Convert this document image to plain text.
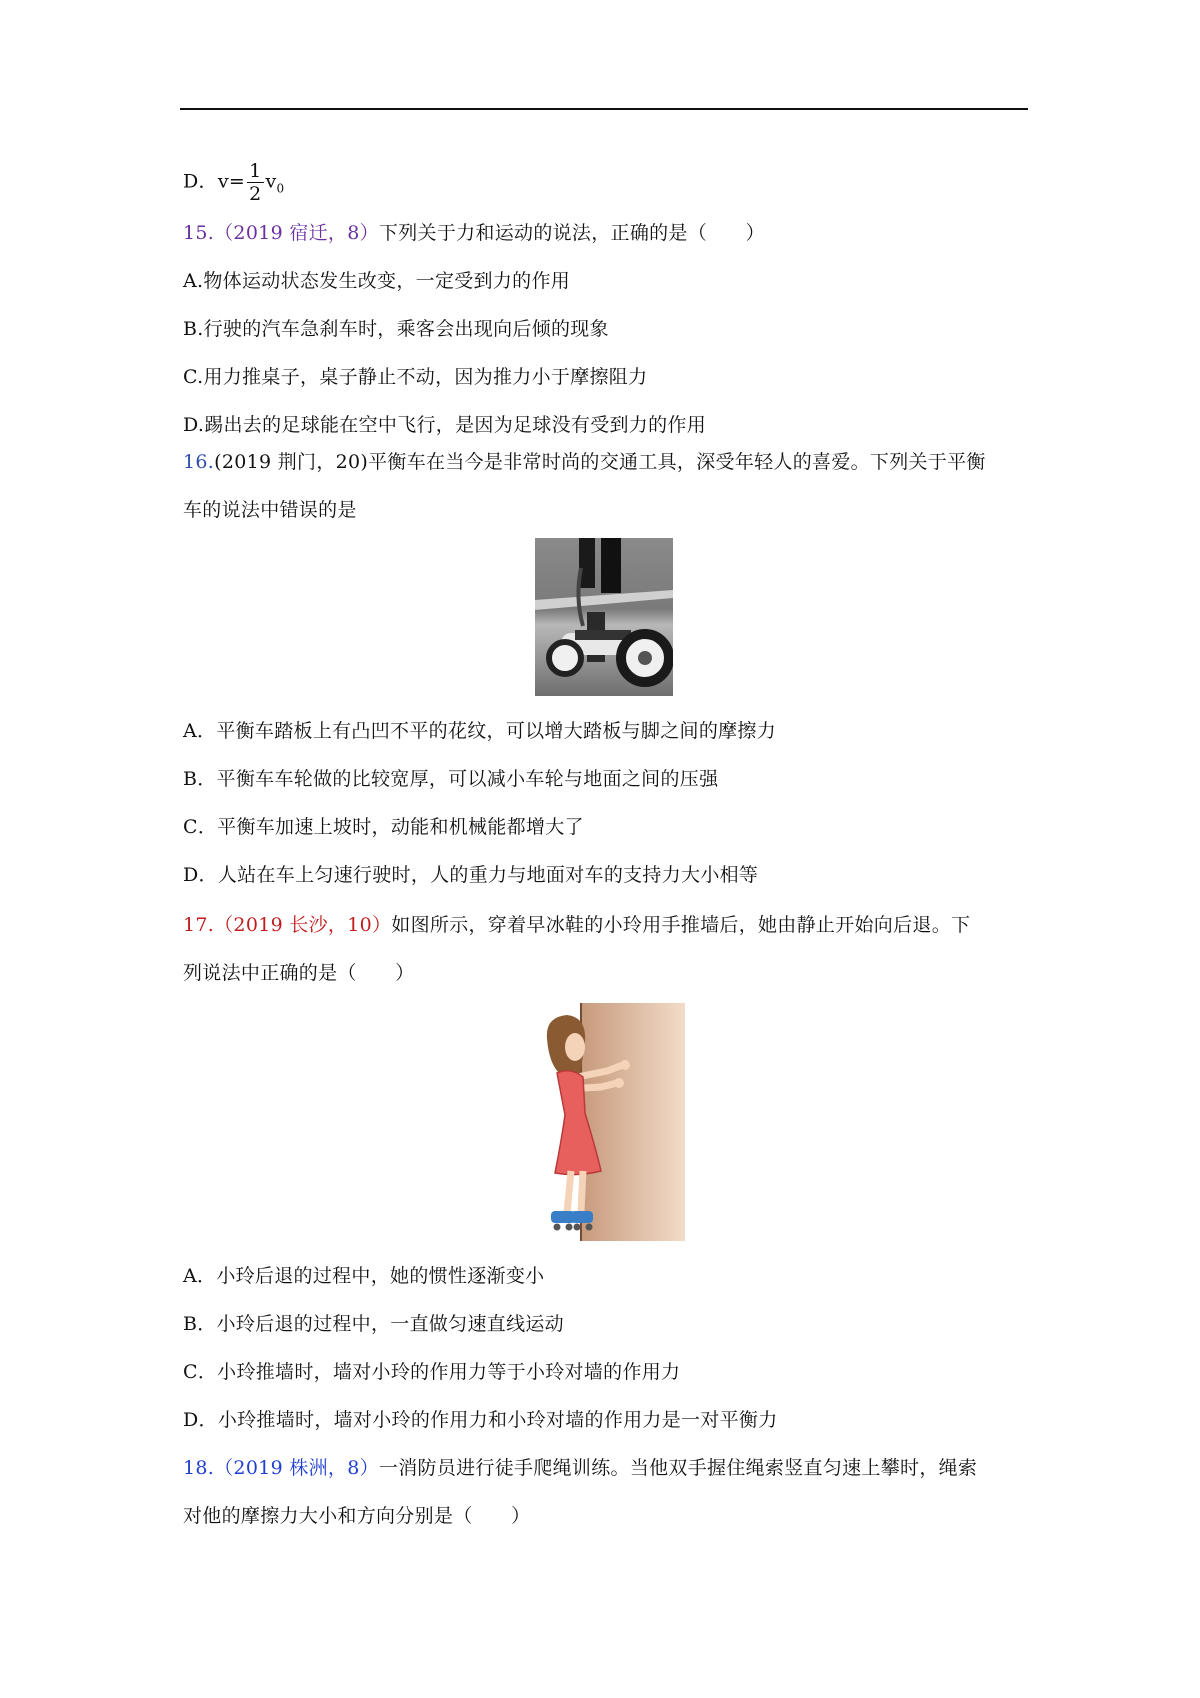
D．$v= \frac{1}{2} v_0$
15.（2019 宿迁，8）下列关于力和运动的说法，正确的是（　　）
A.物体运动状态发生改变，一定受到力的作用
B.行驶的汽车急刹车时，乘客会出现向后倾的现象
C.用力推桌子，桌子静止不动，因为推力小于摩擦阻力
D.踢出去的足球能在空中飞行，是因为足球没有受到力的作用
16.(2019 荆门，20)平衡车在当今是非常时尚的交通工具，深受年轻人的喜爱。下列关于平衡
车的说法中错误的是
A．平衡车踏板上有凸凹不平的花纹，可以增大踏板与脚之间的摩擦力
B．平衡车车轮做的比较宽厚，可以减小车轮与地面之间的压强
C．平衡车加速上坡时，动能和机械能都增大了
D．人站在车上匀速行驶时，人的重力与地面对车的支持力大小相等
17.（2019 长沙，10）如图所示，穿着早冰鞋的小玲用手推墙后，她由静止开始向后退。下
列说法中正确的是（　　）
A．小玲后退的过程中，她的惯性逐渐变小
B．小玲后退的过程中，一直做匀速直线运动
C．小玲推墙时，墙对小玲的作用力等于小玲对墙的作用力
D．小玲推墙时，墙对小玲的作用力和小玲对墙的作用力是一对平衡力
18.（2019 株洲，8）一消防员进行徒手爬绳训练。当他双手握住绳索竖直匀速上攀时，绳索
对他的摩擦力大小和方向分别是（　　）
